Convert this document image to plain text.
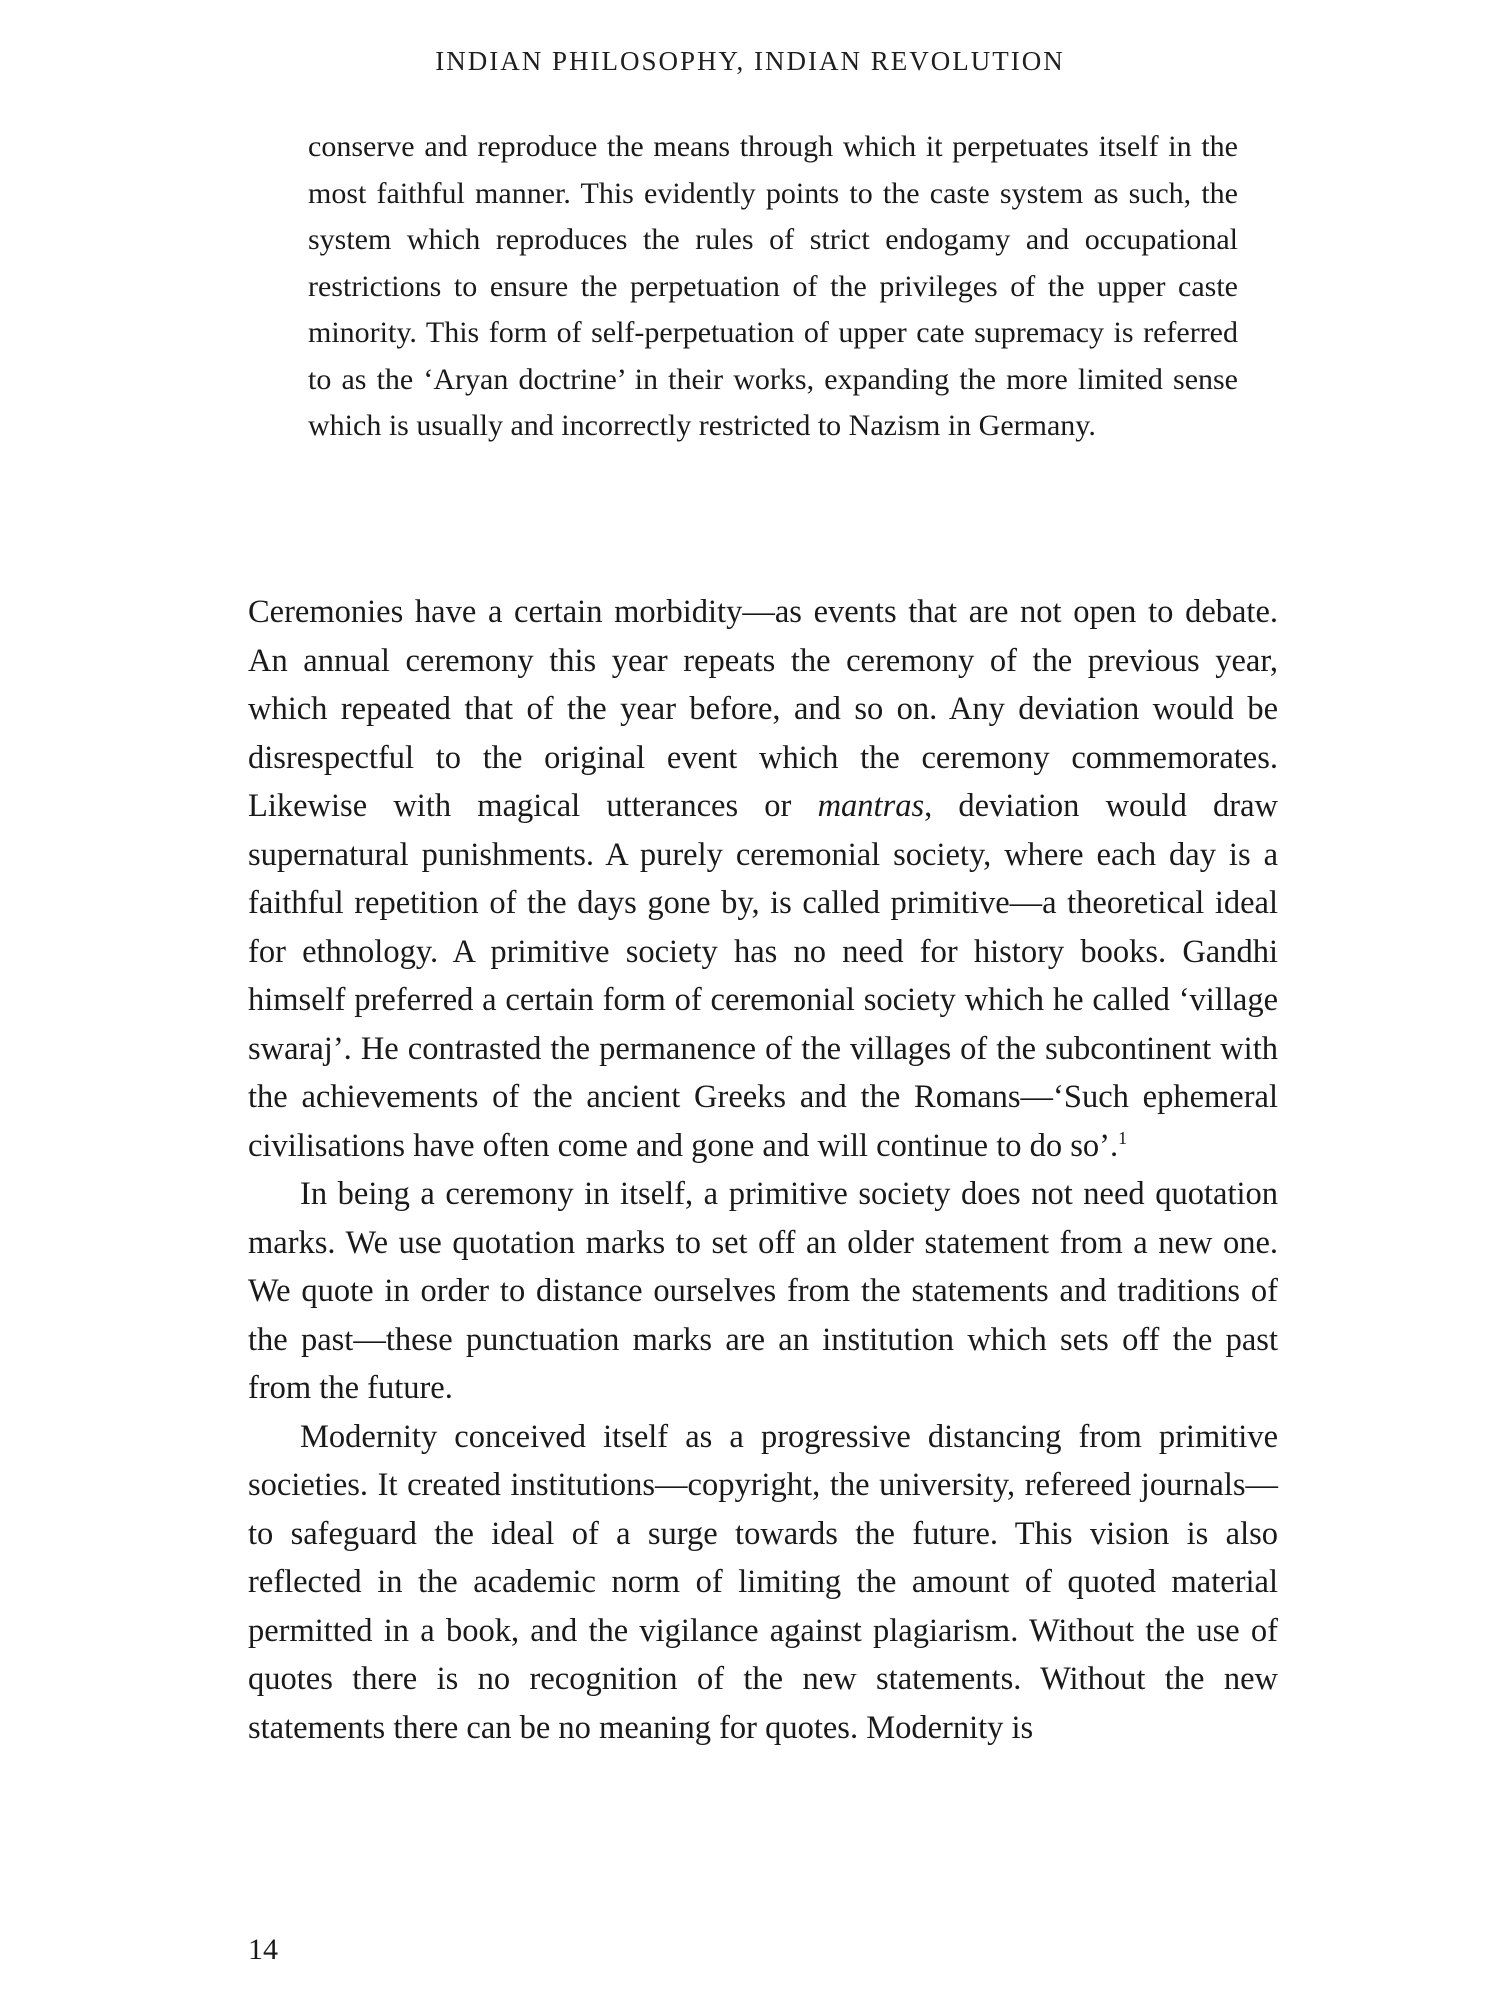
INDIAN PHILOSOPHY, INDIAN REVOLUTION

conserve and reproduce the means through which it perpetuates itself in the most faithful manner. This evidently points to the caste system as such, the system which reproduces the rules of strict endogamy and occupational restrictions to ensure the perpetuation of the privileges of the upper caste minority. This form of self-perpetuation of upper cate supremacy is referred to as the ‘Aryan doctrine’ in their works, expanding the more limited sense which is usually and incorrectly restricted to Nazism in Germany.

Ceremonies have a certain morbidity—as events that are not open to debate. An annual ceremony this year repeats the ceremony of the previous year, which repeated that of the year before, and so on. Any deviation would be disrespectful to the original event which the ceremony commemorates. Likewise with magical utterances or mantras, deviation would draw supernatural punishments. A purely ceremonial society, where each day is a faithful repetition of the days gone by, is called primitive—a theoretical ideal for ethnology. A primitive society has no need for history books. Gandhi himself preferred a certain form of ceremonial society which he called ‘village swaraj’. He contrasted the permanence of the villages of the subcontinent with the achievements of the ancient Greeks and the Romans—‘Such ephemeral civilisations have often come and gone and will continue to do so’.$^1$

In being a ceremony in itself, a primitive society does not need quotation marks. We use quotation marks to set off an older statement from a new one. We quote in order to distance ourselves from the statements and traditions of the past—these punctuation marks are an institution which sets off the past from the future.

Modernity conceived itself as a progressive distancing from primitive societies. It created institutions—copyright, the university, refereed journals—to safeguard the ideal of a surge towards the future. This vision is also reflected in the academic norm of limiting the amount of quoted material permitted in a book, and the vigilance against plagiarism. Without the use of quotes there is no recognition of the new statements. Without the new statements there can be no meaning for quotes. Modernity is

14
